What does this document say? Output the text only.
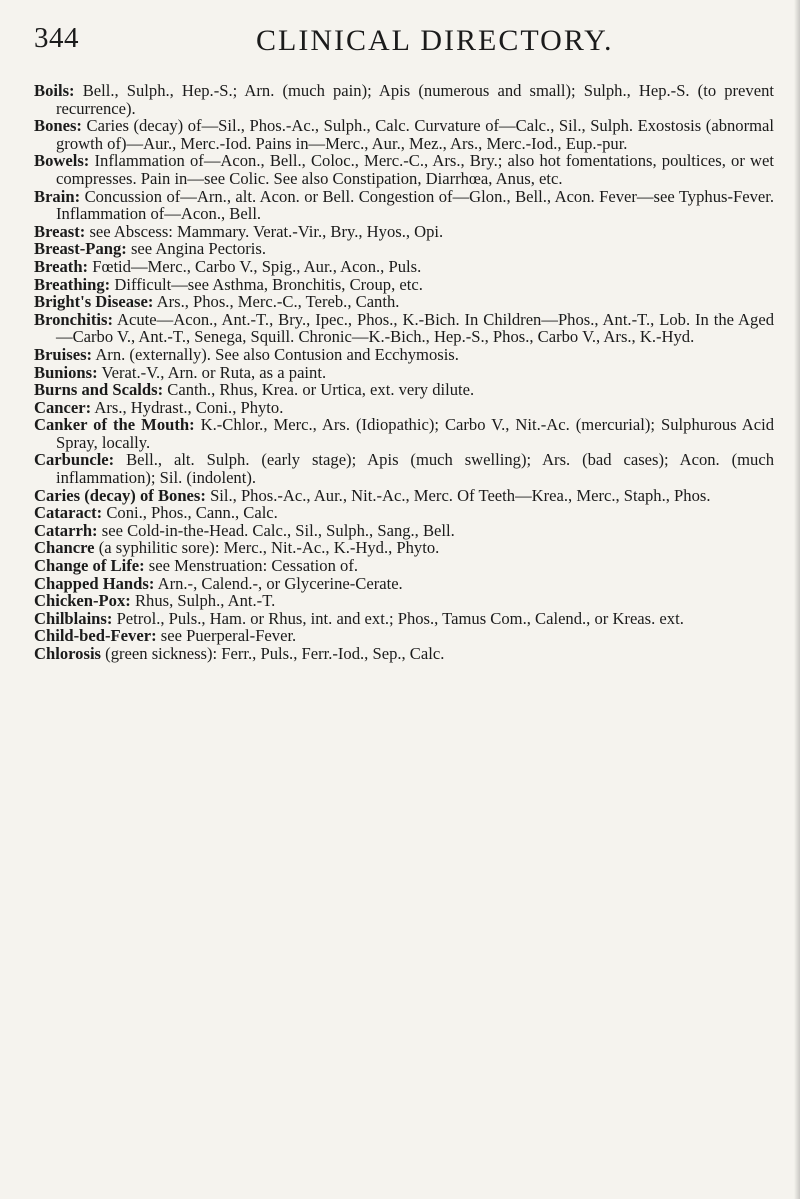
344	CLINICAL DIRECTORY.

Boils: Bell., Sulph., Hep.-S.; Arn. (much pain); Apis (numerous and small); Sulph., Hep.-S. (to prevent recurrence).

Bones: Caries (decay) of—Sil., Phos.-Ac., Sulph., Calc. Curvature of—Calc., Sil., Sulph. Exostosis (abnormal growth of)—Aur., Merc.-Iod. Pains in—Merc., Aur., Mez., Ars., Merc.-Iod., Eup.-pur.

Bowels: Inflammation of—Acon., Bell., Coloc., Merc.-C., Ars., Bry.; also hot fomentations, poultices, or wet compresses. Pain in—see Colic. See also Constipation, Diarrhœa, Anus, etc.

Brain: Concussion of—Arn., alt. Acon. or Bell. Congestion of—Glon., Bell., Acon. Fever—see Typhus-Fever. Inflammation of—Acon., Bell.

Breast: see Abscess: Mammary. Verat.-Vir., Bry., Hyos., Opi.

Breast-Pang: see Angina Pectoris.

Breath: Fœtid—Merc., Carbo V., Spig., Aur., Acon., Puls.

Breathing: Difficult—see Asthma, Bronchitis, Croup, etc.

Bright's Disease: Ars., Phos., Merc.-C., Tereb., Canth.

Bronchitis: Acute—Acon., Ant.-T., Bry., Ipec., Phos., K.-Bich. In Children—Phos., Ant.-T., Lob. In the Aged—Carbo V., Ant.-T., Senega, Squill. Chronic—K.-Bich., Hep.-S., Phos., Carbo V., Ars., K.-Hyd.

Bruises: Arn. (externally). See also Contusion and Ecchymosis.

Bunions: Verat.-V., Arn. or Ruta, as a paint.

Burns and Scalds: Canth., Rhus, Krea. or Urtica, ext. very dilute.

Cancer: Ars., Hydrast., Coni., Phyto.

Canker of the Mouth: K.-Chlor., Merc., Ars. (Idiopathic); Carbo V., Nit.-Ac. (mercurial); Sulphurous Acid Spray, locally.

Carbuncle: Bell., alt. Sulph. (early stage); Apis (much swelling); Ars. (bad cases); Acon. (much inflammation); Sil. (indolent).

Caries (decay) of Bones: Sil., Phos.-Ac., Aur., Nit.-Ac., Merc. Of Teeth—Krea., Merc., Staph., Phos.

Cataract: Coni., Phos., Cann., Calc.

Catarrh: see Cold-in-the-Head. Calc., Sil., Sulph., Sang., Bell.

Chancre (a syphilitic sore): Merc., Nit.-Ac., K.-Hyd., Phyto.

Change of Life: see Menstruation: Cessation of.

Chapped Hands: Arn.-, Calend.-, or Glycerine-Cerate.

Chicken-Pox: Rhus, Sulph., Ant.-T.

Chilblains: Petrol., Puls., Ham. or Rhus, int. and ext.; Phos., Tamus Com., Calend., or Kreas. ext.

Child-bed-Fever: see Puerperal-Fever.

Chlorosis (green sickness): Ferr., Puls., Ferr.-Iod., Sep., Calc.
